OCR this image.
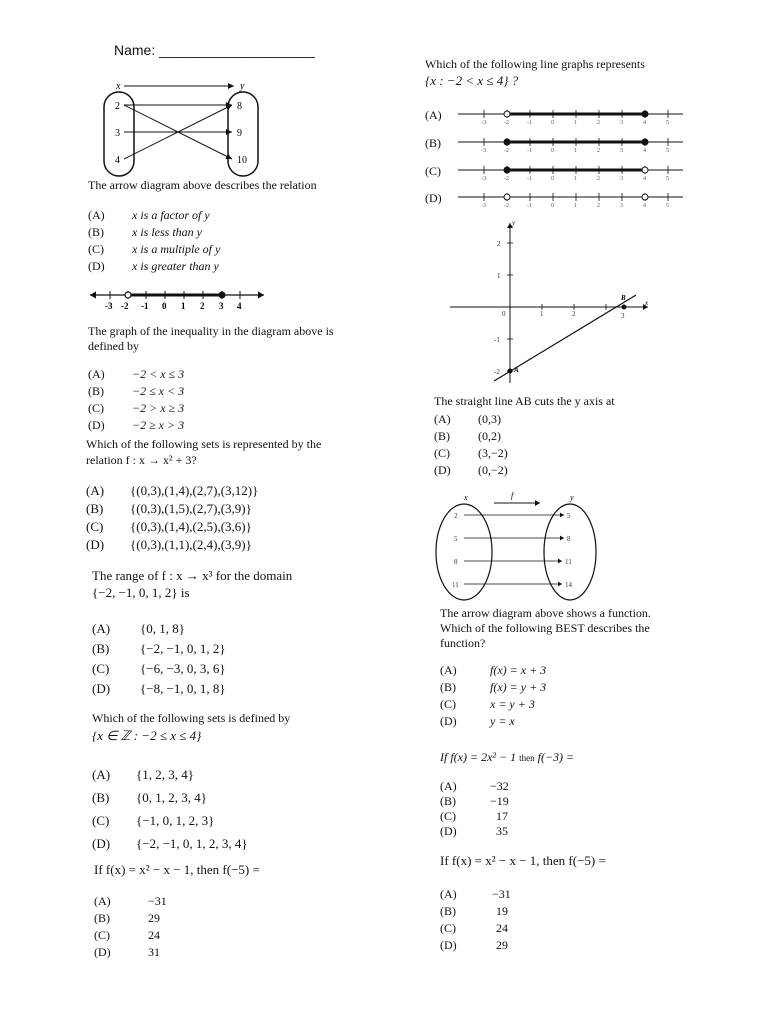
Name: ____________________
x	y
2
3
4
8
9
10
The arrow diagram above describes the relation
(A) x is a factor of y
(B) x is less than y
(C) x is a multiple of y
(D) x is greater than y
-3 -2 -1 0 1 2 3 4
The graph of the inequality in the diagram above is defined by
(A) −2 < x ≤ 3
(B) −2 ≤ x < 3
(C) −2 > x ≥ 3
(D) −2 ≥ x > 3
Which of the following sets is represented by the
relation f : x → x² + 3?
(A) {(0,3),(1,4),(2,7),(3,12)}
(B) {(0,3),(1,5),(2,7),(3,9)}
(C) {(0,3),(1,4),(2,5),(3,6)}
(D) {(0,3),(1,1),(2,4),(3,9)}
The range of f : x → x³ for the domain
{−2, −1, 0, 1, 2} is
(A) {0, 1, 8}
(B) {−2, −1, 0, 1, 2}
(C) {−6, −3, 0, 3, 6}
(D) {−8, −1, 0, 1, 8}
Which of the following sets is defined by
{x ∈ ℤ : −2 ≤ x ≤ 4}
(A) {1, 2, 3, 4}
(B) {0, 1, 2, 3, 4}
(C) {−1, 0, 1, 2, 3}
(D) {−2, −1, 0, 1, 2, 3, 4}
If f(x) = x² − x − 1, then f(−5) =
(A)	−31
(B)	29
(C)	24
(D)	31
Which of the following line graphs represents
{x : −2 < x ≤ 4} ?
(A)
(B)
(C)
(D)
-3	-2	-1	0	1	2	3	4	5
-3	-2	-1	0	1	2	3	4	5
-3	-2	-1	0	1	2	3	4	5
-3	-2	-1	0	1	2	3	4	5
y
x
2
1
-1
-2
0	1	2	3
A
B
The straight line AB cuts the y axis at
(A) (0,3)
(B) (0,2)
(C) (3,−2)
(D) (0,−2)
x	y
f
2
5
8
11
5
8
11
14
The arrow diagram above shows a function.
Which of the following BEST describes the
function?
(A)	f(x) = x + 3
(B)	f(x) = y + 3
(C)	x = y + 3
(D)	y = x
If f(x) = 2x² − 1 then f(−3) =
(A)	−32
(B)	−19
(C)	17
(D)	35
If f(x) = x² − x − 1, then f(−5) =
(A)	−31
(B)	19
(C)	24
(D)	29
